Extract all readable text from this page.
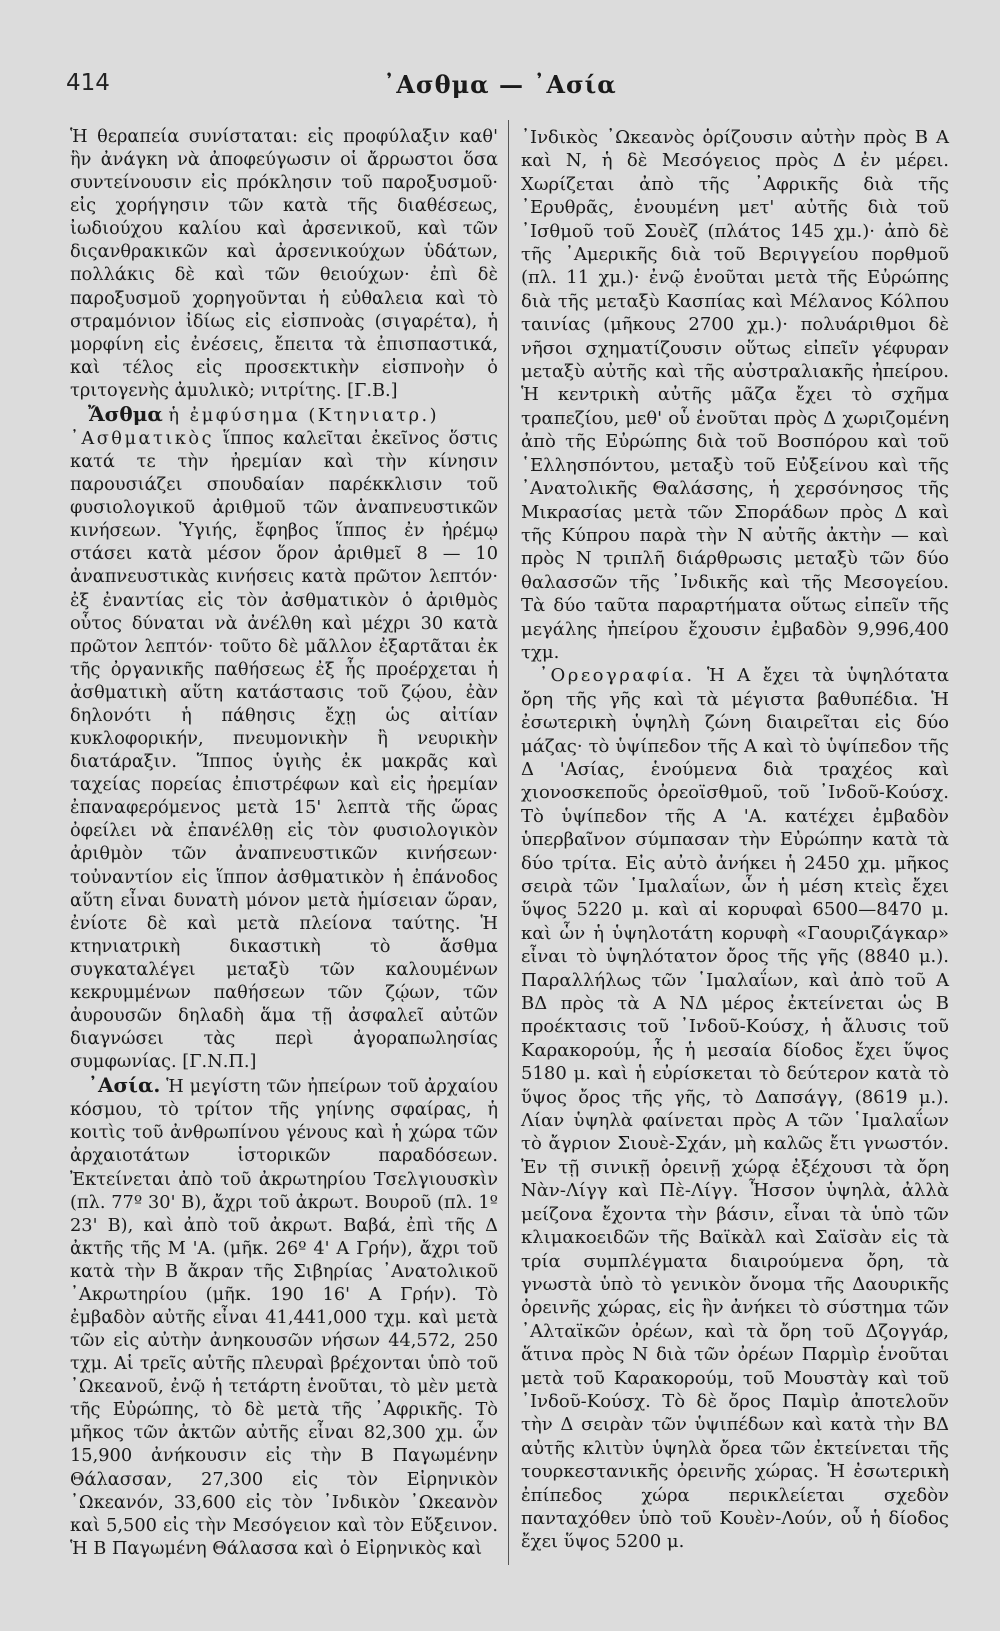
414	᾿Ασθμα — ᾿Ασία

Ἡ θεραπεία συνίσταται: εἰς προφύλαξιν καθ' ἣν ἀνάγκη νὰ ἀποφεύγωσιν οἱ ἄρρωστοι ὅσα συντείνουσιν εἰς πρόκλησιν τοῦ παροξυσμοῦ· εἰς χορήγησιν τῶν κατὰ τῆς διαθέσεως, ἰωδιούχου καλίου καὶ ἀρσενικοῦ, καὶ τῶν διςανθρακικῶν καὶ ἀρσενικούχων ὑδάτων, πολλάκις δὲ καὶ τῶν θειούχων· ἐπὶ δὲ παροξυσμοῦ χορηγοῦνται ἡ εὐθαλεια καὶ τὸ στραμόνιον ἰδίως εἰς εἰσπνοὰς (σιγαρέτα), ἡ μορφίνη εἰς ἐνέσεις, ἔπειτα τὰ ἐπισπαστικά, καὶ τέλος εἰς προσεκτικὴν εἰσπνοὴν ὁ τριτογενὴς ἀμυλικὸ; νιτρίτης. [Γ.Β.]

Ἄσθμα ἡ ἐμφύσημα (Κτηνιατρ.)

᾿Ασθματικὸς ἵππος καλεῖται ἐκεῖνος ὅστις κατά τε τὴν ἠρεμίαν καὶ τὴν κίνησιν παρουσιάζει σπουδαίαν παρέκκλισιν τοῦ φυσιολογικοῦ ἀριθμοῦ τῶν ἀναπνευστικῶν κινήσεων. Ὑγιής, ἔφηβος ἵππος ἐν ἠρέμῳ στάσει κατὰ μέσον ὅρον ἀριθμεῖ 8 — 10 ἀναπνευστικὰς κινήσεις κατὰ πρῶτον λεπτόν· ἐξ ἐναντίας εἰς τὸν ἀσθματικὸν ὁ ἀριθμὸς οὗτος δύναται νὰ ἀνέλθη καὶ μέχρι 30 κατὰ πρῶτον λεπτόν· τοῦτο δὲ μᾶλλον ἐξαρτᾶται ἐκ τῆς ὀργανικῆς παθήσεως ἐξ ἧς προέρχεται ἡ ἀσθματικὴ αὕτη κατάστασις τοῦ ζῴου, ἐὰν δηλονότι ἡ πάθησις ἔχῃ ὡς αἰτίαν κυκλοφορικήν, πνευμονικὴν ἢ νευρικὴν διατάραξιν. Ἵππος ὑγιὴς ἐκ μακρᾶς καὶ ταχείας πορείας ἐπιστρέφων καὶ εἰς ἠρεμίαν ἐπαναφερόμενος μετὰ 15' λεπτὰ τῆς ὥρας ὀφείλει νὰ ἐπανέλθῃ εἰς τὸν φυσιολογικὸν ἀριθμὸν τῶν ἀναπνευστικῶν κινήσεων· τοὐναντίον εἰς ἵππον ἀσθματικὸν ἡ ἐπάνοδος αὕτη εἶναι δυνατὴ μόνον μετὰ ἡμίσειαν ὥραν, ἐνίοτε δὲ καὶ μετὰ πλείονα ταύτης. Ἡ κτηνιατρικὴ δικαστικὴ τὸ ἄσθμα συγκαταλέγει μεταξὺ τῶν καλουμένων κεκρυμμένων παθήσεων τῶν ζῴων, τῶν ἀυρουσῶν δηλαδὴ ἅμα τῇ ἀσφαλεῖ αὐτῶν διαγνώσει τὰς περὶ ἀγοραπωλησίας συμφωνίας. [Γ.Ν.Π.]

᾿Ασία. Ἡ μεγίστη τῶν ἠπείρων τοῦ ἀρχαίου κόσμου, τὸ τρίτον τῆς γηίνης σφαίρας, ἡ κοιτὶς τοῦ ἀνθρωπίνου γένους καὶ ἡ χώρα τῶν ἀρχαιοτάτων ἱστορικῶν παραδόσεων. Ἐκτείνεται ἀπὸ τοῦ ἀκρωτηρίου Τσελγιουσκὶν (πλ. 77º 30' Β), ἄχρι τοῦ ἀκρωτ. Βουροῦ (πλ. 1º 23' Β), καὶ ἀπὸ τοῦ ἀκρωτ. Βαβά, ἐπὶ τῆς Δ ἀκτῆς τῆς Μ 'Α. (μῆκ. 26º 4' Α Γρήν), ἄχρι τοῦ κατὰ τὴν Β ἄκραν τῆς Σιβηρίας ᾿Ανατολικοῦ ᾿Ακρωτηρίου (μῆκ. 190 16' Α Γρήν). Τὸ ἐμβαδὸν αὐτῆς εἶναι 41,441,000 τχμ. καὶ μετὰ τῶν εἰς αὐτὴν ἀνηκουσῶν νήσων 44,572, 250 τχμ. Αἱ τρεῖς αὐτῆς πλευραὶ βρέχονται ὑπὸ τοῦ ᾿Ωκεανοῦ, ἐνῷ ἡ τετάρτη ἑνοῦται, τὸ μὲν μετὰ τῆς Εὐρώπης, τὸ δὲ μετὰ τῆς ᾿Αφρικῆς. Τὸ μῆκος τῶν ἀκτῶν αὐτῆς εἶναι 82,300 χμ. ὧν 15,900 ἀνήκουσιν εἰς τὴν Β Παγωμένην Θάλασσαν, 27,300 εἰς τὸν Εἰρηνικὸν ᾿Ωκεανόν, 33,600 εἰς τὸν ᾿Ινδικὸν ᾿Ωκεανὸν καὶ 5,500 εἰς τὴν Μεσόγειον καὶ τὸν Εὔξεινον. Ἡ Β Παγωμένη Θάλασσα καὶ ὁ Εἰρηνικὸς καὶ

᾿Ινδικὸς ᾿Ωκεανὸς ὁρίζουσιν αὐτὴν πρὸς Β Α καὶ Ν, ἡ δὲ Μεσόγειος πρὸς Δ ἐν μέρει. Χωρίζεται ἀπὸ τῆς ᾿Αφρικῆς διὰ τῆς ᾿Ερυθρᾶς, ἑνουμένη μετ' αὐτῆς διὰ τοῦ ᾿Ισθμοῦ τοῦ Σουὲζ (πλάτος 145 χμ.)· ἀπὸ δὲ τῆς ᾿Αμερικῆς διὰ τοῦ Βεριγγείου πορθμοῦ (πλ. 11 χμ.)· ἐνῷ ἑνοῦται μετὰ τῆς Εὐρώπης διὰ τῆς μεταξὺ Κασπίας καὶ Μέλανος Κόλπου ταινίας (μῆκους 2700 χμ.)· πολυάριθμοι δὲ νῆσοι σχηματίζουσιν οὕτως εἰπεῖν γέφυραν μεταξὺ αὐτῆς καὶ τῆς αὐστραλιακῆς ἠπείρου. Ἡ κεντρικὴ αὐτῆς μᾶζα ἔχει τὸ σχῆμα τραπεζίου, μεθ' οὗ ἑνοῦται πρὸς Δ χωριζομένη ἀπὸ τῆς Εὐρώπης διὰ τοῦ Βοσπόρου καὶ τοῦ ῾Ελλησπόντου, μεταξὺ τοῦ Εὐξείνου καὶ τῆς ᾿Ανατολικῆς Θαλάσσης, ἡ χερσόνησος τῆς Μικρασίας μετὰ τῶν Σποράδων πρὸς Δ καὶ τῆς Κύπρου παρὰ τὴν Ν αὐτῆς ἀκτὴν — καὶ πρὸς Ν τριπλῆ διάρθρωσις μεταξὺ τῶν δύο θαλασσῶν τῆς ᾿Ινδικῆς καὶ τῆς Μεσογείου. Τὰ δύο ταῦτα παραρτήματα οὕτως εἰπεῖν τῆς μεγάλης ἠπείρου ἔχουσιν ἐμβαδὸν 9,996,400 τχμ.

᾿Ορεογραφία. Ἡ Α ἔχει τὰ ὑψηλότατα ὄρη τῆς γῆς καὶ τὰ μέγιστα βαθυπέδια. Ἡ ἐσωτερικὴ ὑψηλὴ ζώνη διαιρεῖται εἰς δύο μάζας· τὸ ὑψίπεδον τῆς Α καὶ τὸ ὑψίπεδον τῆς Δ 'Ασίας, ἑνούμενα διὰ τραχέος καὶ χιονοσκεποῦς ὀρεοϊσθμοῦ, τοῦ ᾿Ινδοῦ-Κούσχ. Τὸ ὑψίπεδον τῆς Α 'Α. κατέχει ἐμβαδὸν ὑπερβαῖνον σύμπασαν τὴν Εὐρώπην κατὰ τὰ δύο τρίτα. Εἰς αὐτὸ ἀνήκει ἡ 2450 χμ. μῆκος σειρὰ τῶν ῾Ιμαλαΐων, ὧν ἡ μέση κτεὶς ἔχει ὕψος 5220 μ. καὶ αἱ κορυφαὶ 6500—8470 μ. καὶ ὧν ἡ ὑψηλοτάτη κορυφὴ «Γαουριζάγκαρ» εἶναι τὸ ὑψηλότατον ὄρος τῆς γῆς (8840 μ.). Παραλλήλως τῶν ῾Ιμαλαΐων, καὶ ἀπὸ τοῦ Α ΒΔ πρὸς τὰ Α ΝΔ μέρος ἐκτείνεται ὡς Β προέκτασις τοῦ ᾿Ινδοῦ-Κούσχ, ἡ ἄλυσις τοῦ Καρακορούμ, ἧς ἡ μεσαία δίοδος ἔχει ὕψος 5180 μ. καὶ ἡ εὐρίσκεται τὸ δεύτερον κατὰ τὸ ὕψος ὄρος τῆς γῆς, τὸ Δαπσάγγ, (8619 μ.). Λίαν ὑψηλὰ φαίνεται πρὸς Α τῶν ῾Ιμαλαΐων τὸ ἄγριον Σιουὲ-Σχάν, μὴ καλῶς ἔτι γνωστόν. Ἐν τῇ σινικῇ ὀρεινῇ χώρᾳ ἐξέχουσι τὰ ὄρη Νὰν-Λίγγ καὶ Πὲ-Λίγγ. Ἧσσον ὑψηλὰ, ἀλλὰ μείζονα ἔχοντα τὴν βάσιν, εἶναι τὰ ὑπὸ τῶν κλιμακοειδῶν τῆς Βαϊκὰλ καὶ Σαϊσὰν εἰς τὰ τρία συμπλέγματα διαιρούμενα ὄρη, τὰ γνωστὰ ὑπὸ τὸ γενικὸν ὄνομα τῆς Δαουρικῆς ὀρεινῆς χώρας, εἰς ἣν ἀνήκει τὸ σύστημα τῶν ᾿Αλταϊκῶν ὀρέων, καὶ τὰ ὄρη τοῦ Δζογγάρ, ἅτινα πρὸς Ν διὰ τῶν ὀρέων Παρμὶρ ἑνοῦται μετὰ τοῦ Καρακορούμ, τοῦ Μουστὰγ καὶ τοῦ ᾿Ινδοῦ-Κούσχ. Τὸ δὲ ὄρος Παμὶρ ἀποτελοῦν τὴν Δ σειρὰν τῶν ὑψιπέδων καὶ κατὰ τὴν ΒΔ αὐτῆς κλιτὺν ὑψηλὰ ὄρεα τῶν ἐκτείνεται τῆς τουρκεστανικῆς ὀρεινῆς χώρας. Ἡ ἐσωτερικὴ ἐπίπεδος χώρα περικλείεται σχεδὸν πανταχόθεν ὑπὸ τοῦ Κουὲν-Λούν, οὗ ἡ δίοδος ἔχει ὕψος 5200 μ.
